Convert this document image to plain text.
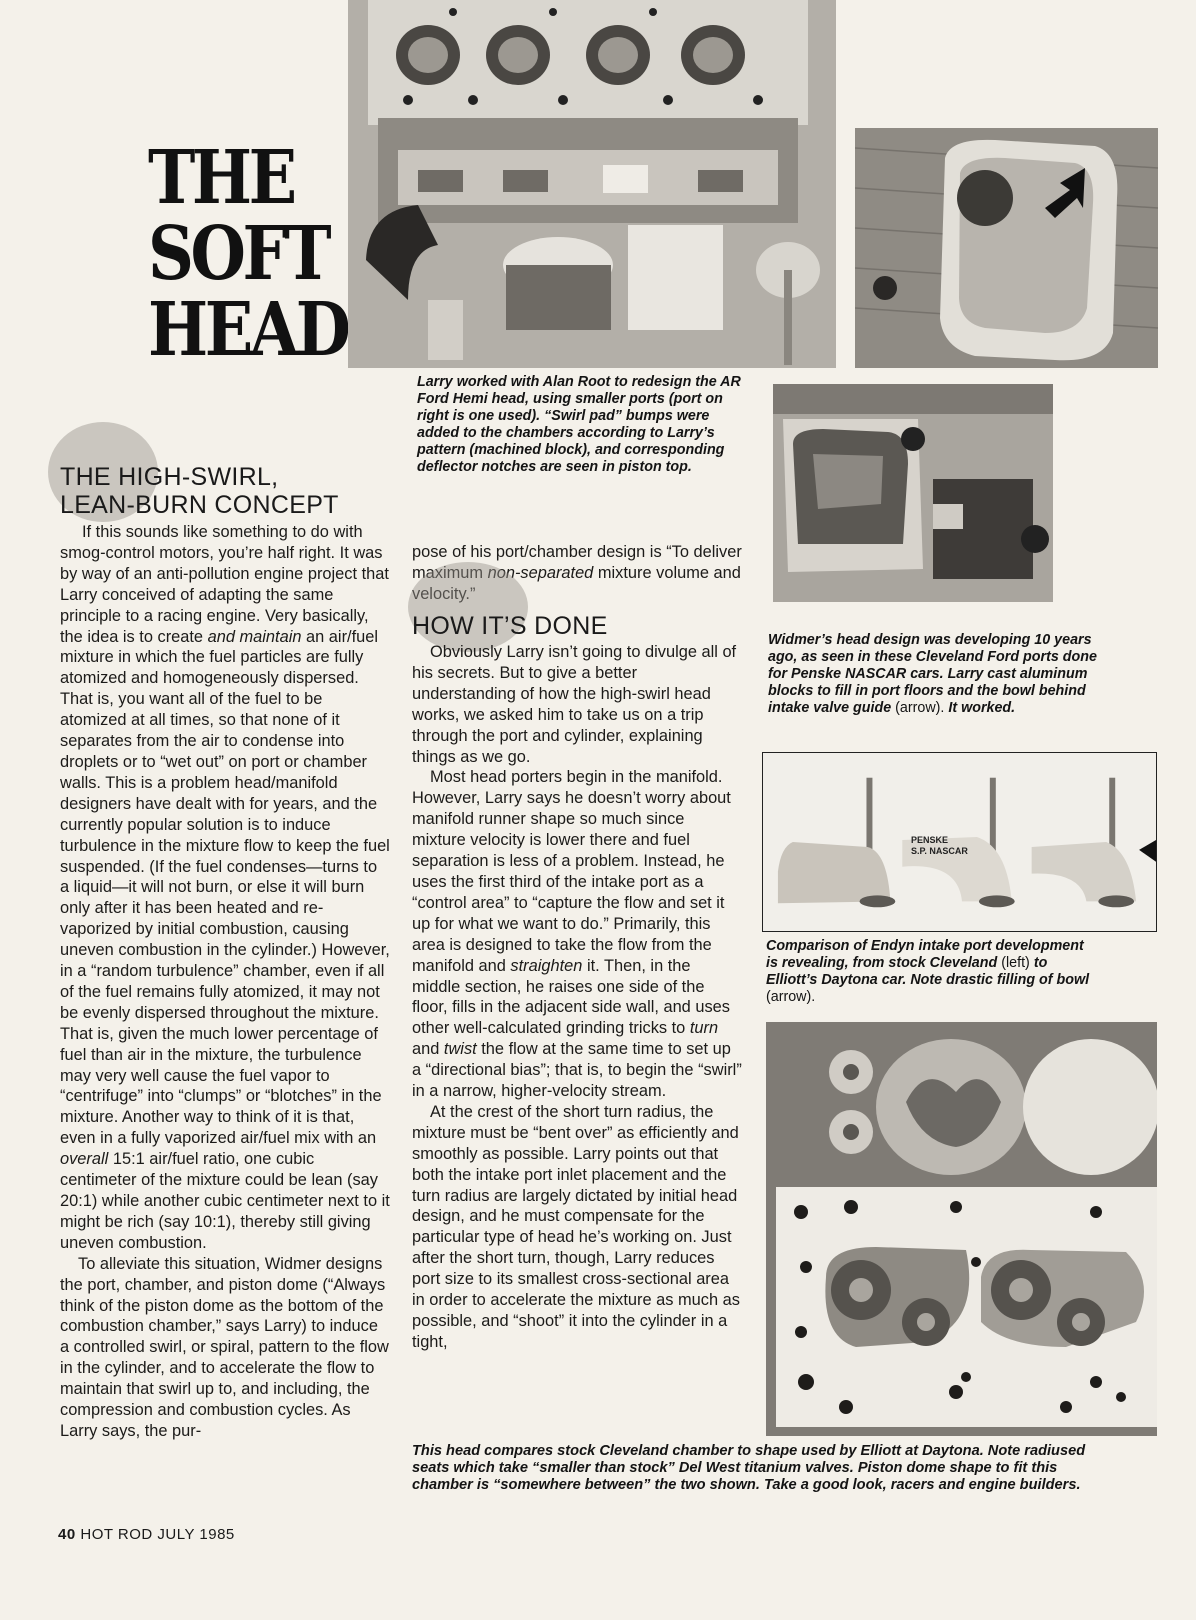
THE
SOFT
HEAD
Larry worked with Alan Root to redesign the AR Ford Hemi head, using smaller ports (port on right is one used). “Swirl pad” bumps were added to the chambers according to Larry’s pattern (machined block), and corresponding deflector notches are seen in piston top.
Widmer’s head design was developing 10 years ago, as seen in these Cleveland Ford ports done for Penske NASCAR cars. Larry cast aluminum blocks to fill in port floors and the bowl behind intake valve guide (arrow). It worked.
PENSKE
S.P. NASCAR
Comparison of Endyn intake port development is revealing, from stock Cleveland (left) to Elliott’s Daytona car. Note drastic filling of bowl (arrow).
This head compares stock Cleveland chamber to shape used by Elliott at Daytona. Note radiused seats which take “smaller than stock” Del West titanium valves. Piston dome shape to fit this chamber is “somewhere between” the two shown. Take a good look, racers and engine builders.
THE HIGH-SWIRL,
LEAN-BURN CONCEPT

If this sounds like something to do with smog-control motors, you’re half right. It was by way of an anti-pollution engine project that Larry conceived of adapting the same principle to a racing engine. Very basically, the idea is to create and maintain an air/fuel mixture in which the fuel particles are fully atomized and homogeneously dispersed. That is, you want all of the fuel to be atomized at all times, so that none of it separates from the air to condense into droplets or to “wet out” on port or chamber walls. This is a problem head/manifold designers have dealt with for years, and the currently popular solution is to induce turbulence in the mixture flow to keep the fuel suspended. (If the fuel condenses—turns to a liquid—it will not burn, or else it will burn only after it has been heated and re-vaporized by initial combustion, causing uneven combustion in the cylinder.) However, in a “random turbulence” chamber, even if all of the fuel remains fully atomized, it may not be evenly dispersed throughout the mixture. That is, given the much lower percentage of fuel than air in the mixture, the turbulence may very well cause the fuel vapor to “centrifuge” into “clumps” or “blotches” in the mixture. Another way to think of it is that, even in a fully vaporized air/fuel mix with an overall 15:1 air/fuel ratio, one cubic centimeter of the mixture could be lean (say 20:1) while another cubic centimeter next to it might be rich (say 10:1), thereby still giving uneven combustion.

To alleviate this situation, Widmer designs the port, chamber, and piston dome (“Always think of the piston dome as the bottom of the combustion chamber,” says Larry) to induce a controlled swirl, or spiral, pattern to the flow in the cylinder, and to accelerate the flow to maintain that swirl up to, and including, the compression and combustion cycles. As Larry says, the pur-

pose of his port/chamber design is “To deliver maximum non-separated mixture volume and velocity.”

HOW IT’S DONE

Obviously Larry isn’t going to divulge all of his secrets. But to give a better understanding of how the high-swirl head works, we asked him to take us on a trip through the port and cylinder, explaining things as we go.

Most head porters begin in the manifold. However, Larry says he doesn’t worry about manifold runner shape so much since mixture velocity is lower there and fuel separation is less of a problem. Instead, he uses the first third of the intake port as a “control area” to “capture the flow and set it up for what we want to do.” Primarily, this area is designed to take the flow from the manifold and straighten it. Then, in the middle section, he raises one side of the floor, fills in the adjacent side wall, and uses other well-calculated grinding tricks to turn and twist the flow at the same time to set up a “directional bias”; that is, to begin the “swirl” in a narrow, higher-velocity stream.

At the crest of the short turn radius, the mixture must be “bent over” as efficiently and smoothly as possible. Larry points out that both the intake port inlet placement and the turn radius are largely dictated by initial head design, and he must compensate for the particular type of head he’s working on. Just after the short turn, though, Larry reduces port size to its smallest cross-sectional area in order to accelerate the mixture as much as possible, and “shoot” it into the cylinder in a tight,

40 HOT ROD JULY 1985
